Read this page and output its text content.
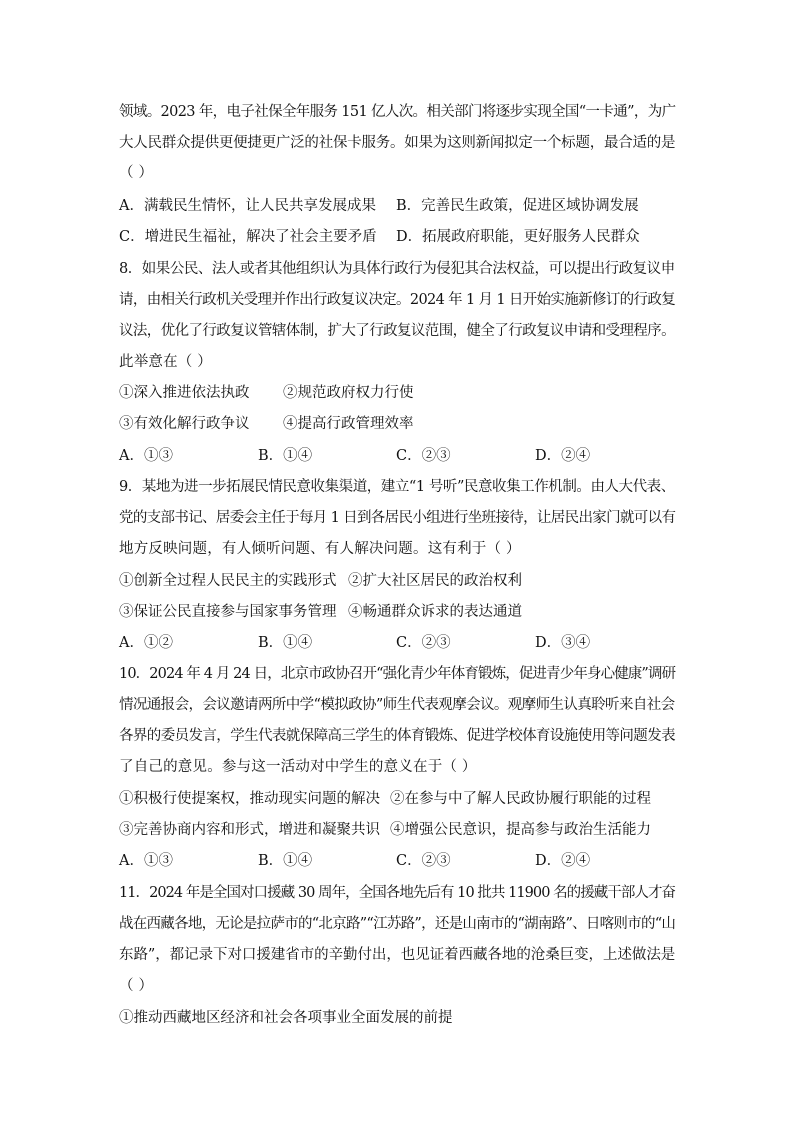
领域。2023 年，电子社保全年服务 151 亿人次。相关部门将逐步实现全国“一卡通”，为广
大人民群众提供更便捷更广泛的社保卡服务。如果为这则新闻拟定一个标题，最合适的是
（ ）
A．满载民生情怀，让人民共享发展成果 B．完善民生政策，促进区域协调发展
C．增进民生福祉，解决了社会主要矛盾 D．拓展政府职能，更好服务人民群众
8．如果公民、法人或者其他组织认为具体行政行为侵犯其合法权益，可以提出行政复议申
请，由相关行政机关受理并作出行政复议决定。2024 年 1 月 1 日开始实施新修订的行政复
议法，优化了行政复议管辖体制，扩大了行政复议范围，健全了行政复议申请和受理程序。
此举意在（ ）
①深入推进依法执政 ②规范政府权力行使
③有效化解行政争议 ④提高行政管理效率
A．①③	B．①④	C．②③	D．②④
9．某地为进一步拓展民情民意收集渠道，建立“1 号听”民意收集工作机制。由人大代表、
党的支部书记、居委会主任于每月 1 日到各居民小组进行坐班接待，让居民出家门就可以有
地方反映问题，有人倾听问题、有人解决问题。这有利于（ ）
①创新全过程人民民主的实践形式 ②扩大社区居民的政治权利
③保证公民直接参与国家事务管理 ④畅通群众诉求的表达通道
A．①②	B．①④	C．②③	D．③④
10．2024 年 4 月 24 日，北京市政协召开“强化青少年体育锻炼，促进青少年身心健康”调研
情况通报会，会议邀请两所中学“模拟政协”师生代表观摩会议。观摩师生认真聆听来自社会
各界的委员发言，学生代表就保障高三学生的体育锻炼、促进学校体育设施使用等问题发表
了自己的意见。参与这一活动对中学生的意义在于（ ）
①积极行使提案权，推动现实问题的解决 ②在参与中了解人民政协履行职能的过程
③完善协商内容和形式，增进和凝聚共识 ④增强公民意识，提高参与政治生活能力
A．①③	B．①④	C．②③	D．②④
11．2024 年是全国对口援藏 30 周年，全国各地先后有 10 批共 11900 名的援藏干部人才奋
战在西藏各地，无论是拉萨市的“北京路”“江苏路”，还是山南市的“湖南路”、日喀则市的“山
东路”，都记录下对口援建省市的辛勤付出，也见证着西藏各地的沧桑巨变，上述做法是
（ ）
①推动西藏地区经济和社会各项事业全面发展的前提
